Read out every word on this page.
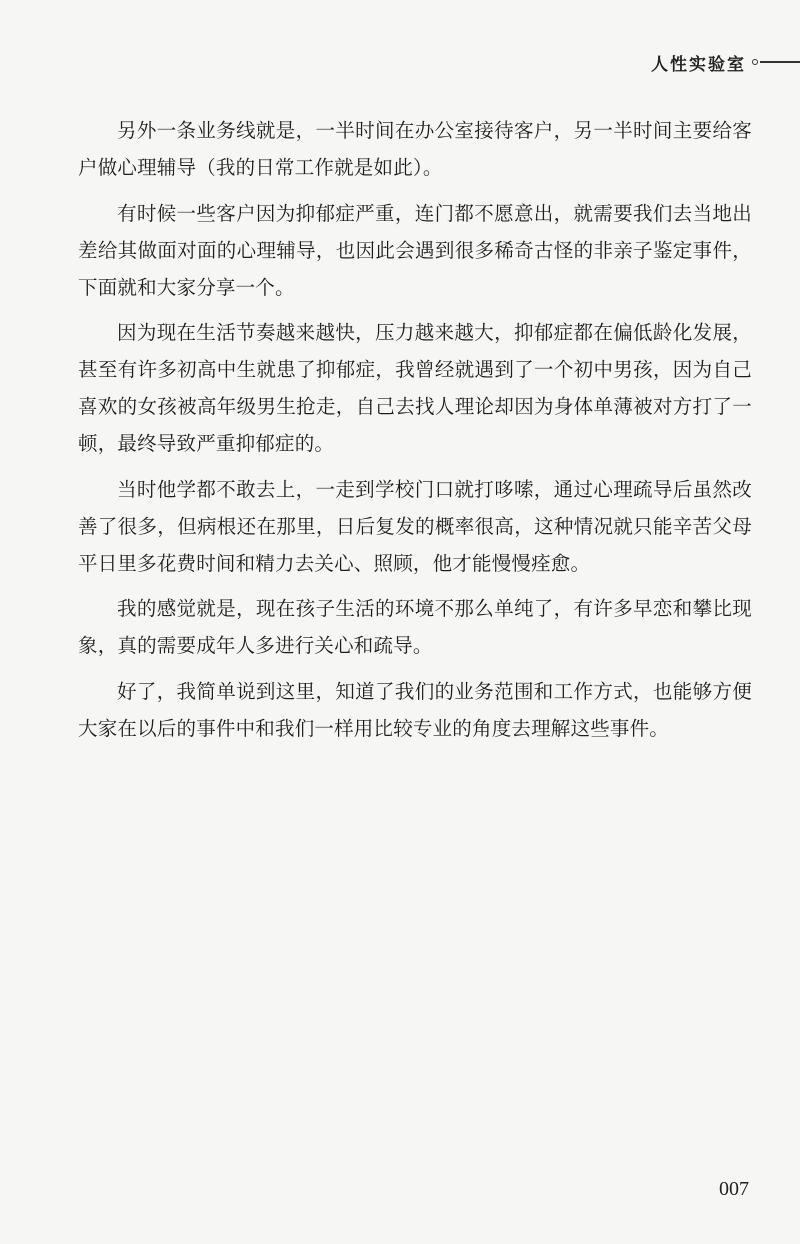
人性实验室

另外一条业务线就是，一半时间在办公室接待客户，另一半时间主要给客户做心理辅导（我的日常工作就是如此）。

有时候一些客户因为抑郁症严重，连门都不愿意出，就需要我们去当地出差给其做面对面的心理辅导，也因此会遇到很多稀奇古怪的非亲子鉴定事件，下面就和大家分享一个。

因为现在生活节奏越来越快，压力越来越大，抑郁症都在偏低龄化发展，甚至有许多初高中生就患了抑郁症，我曾经就遇到了一个初中男孩，因为自己喜欢的女孩被高年级男生抢走，自己去找人理论却因为身体单薄被对方打了一顿，最终导致严重抑郁症的。

当时他学都不敢去上，一走到学校门口就打哆嗦，通过心理疏导后虽然改善了很多，但病根还在那里，日后复发的概率很高，这种情况就只能辛苦父母平日里多花费时间和精力去关心、照顾，他才能慢慢痊愈。

我的感觉就是，现在孩子生活的环境不那么单纯了，有许多早恋和攀比现象，真的需要成年人多进行关心和疏导。

好了，我简单说到这里，知道了我们的业务范围和工作方式，也能够方便大家在以后的事件中和我们一样用比较专业的角度去理解这些事件。

007
